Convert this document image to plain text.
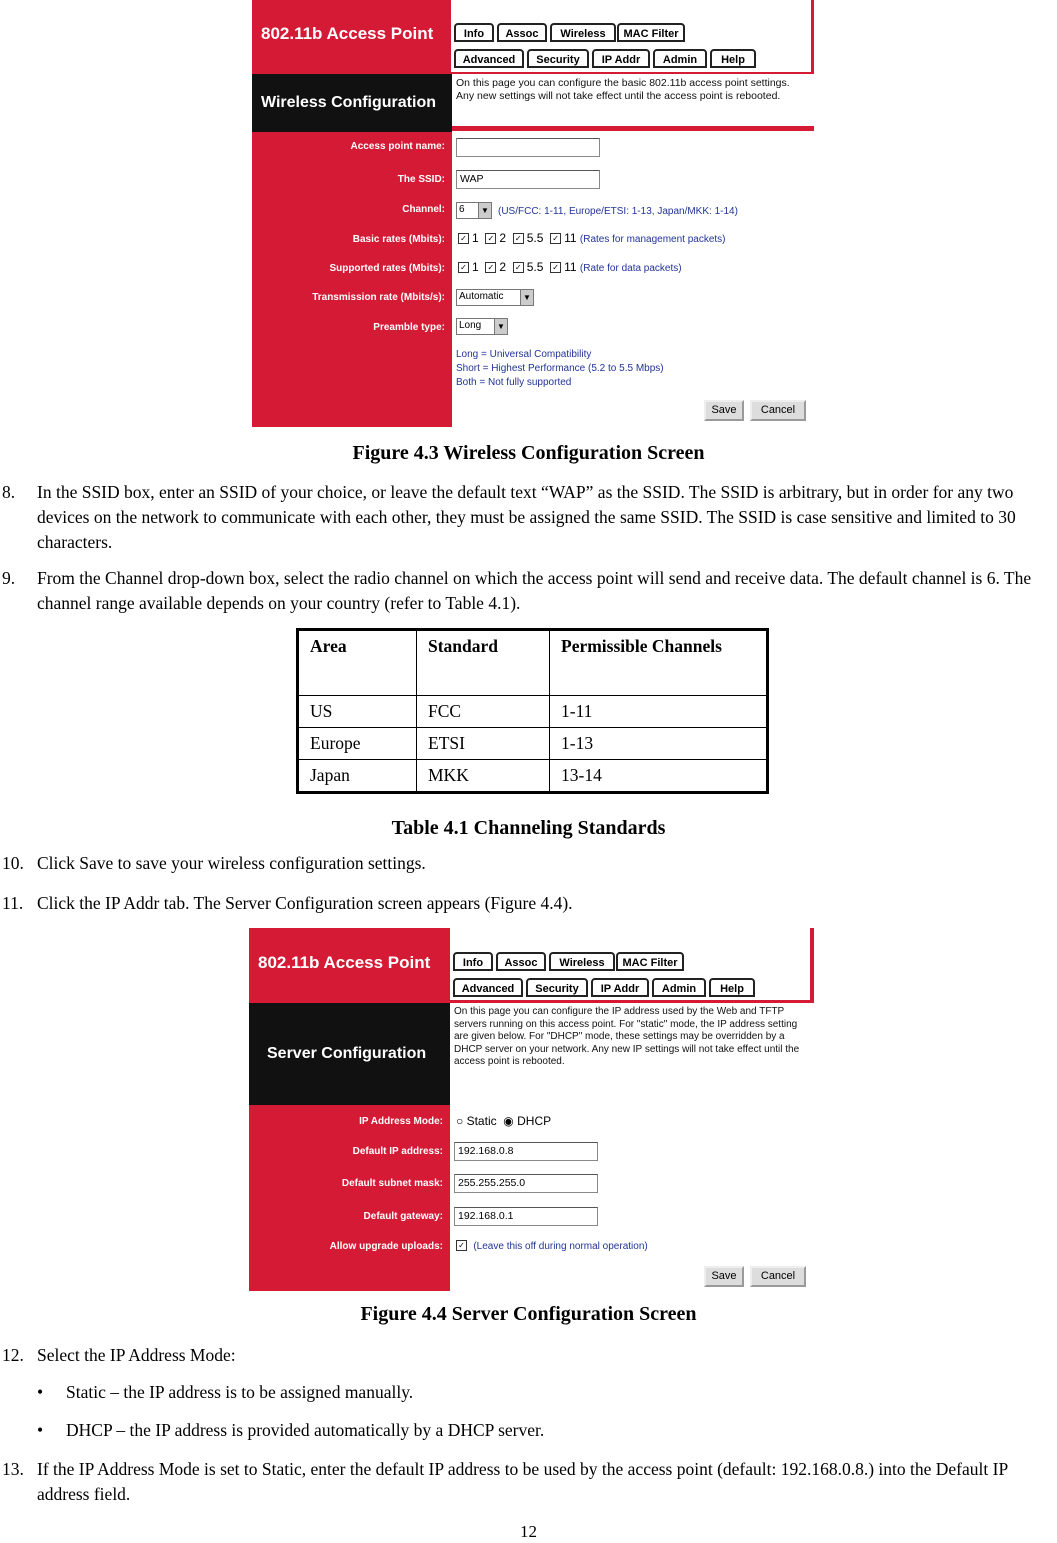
802.11b Access Point	Info	Assoc	Wireless	MAC Filter
Advanced	Security	IP Addr	Admin	Help
Wireless Configuration
On this page you can configure the basic 802.11b access point settings. Any new settings will not take effect until the access point is rebooted.
Access point name:
The SSID:	WAP
Channel:	6	▼ (US/FCC: 1-11, Europe/ETSI: 1-13, Japan/MKK: 1-14)
Basic rates (Mbits):	✓ 1 ✓ 2 ✓ 5.5 ✓ 11 (Rates for management packets)
Supported rates (Mbits):	✓ 1 ✓ 2 ✓ 5.5 ✓ 11 (Rate for data packets)
Transmission rate (Mbits/s):	Automatic	▼
Preamble type:	Long	▼
Long = Universal Compatibility
Short = Highest Performance (5.2 to 5.5 Mbps)
Both = Not fully supported
Save	Cancel
Figure 4.3 Wireless Configuration Screen
8. In the SSID box, enter an SSID of your choice, or leave the default text “WAP” as the SSID. The SSID is arbitrary, but in order for any two devices on the network to communicate with each other, they must be assigned the same SSID. The SSID is case sensitive and limited to 30 characters.
9. From the Channel drop-down box, select the radio channel on which the access point will send and receive data. The default channel is 6. The channel range available depends on your country (refer to Table 4.1).
Area	Standard	Permissible Channels
US	FCC	1-11
Europe	ETSI	1-13
Japan	MKK	13-14
Table 4.1 Channeling Standards
10. Click Save to save your wireless configuration settings.
11. Click the IP Addr tab. The Server Configuration screen appears (Figure 4.4).
802.11b Access Point	Info	Assoc	Wireless	MAC Filter
Advanced	Security	IP Addr	Admin	Help
Server Configuration
On this page you can configure the IP address used by the Web and TFTP servers running on this access point. For "static" mode, the IP address setting are given below. For "DHCP" mode, these settings may be overridden by a DHCP server on your network. Any new IP settings will not take effect until the access point is rebooted.
IP Address Mode:	○ Static ◉ DHCP
Default IP address:	192.168.0.8
Default subnet mask:	255.255.255.0
Default gateway:	192.168.0.1
Allow upgrade uploads:	✓ (Leave this off during normal operation)
Save	Cancel
Figure 4.4 Server Configuration Screen
12. Select the IP Address Mode:
• Static – the IP address is to be assigned manually.
• DHCP – the IP address is provided automatically by a DHCP server.
13. If the IP Address Mode is set to Static, enter the default IP address to be used by the access point (default: 192.168.0.8.) into the Default IP address field.
12
